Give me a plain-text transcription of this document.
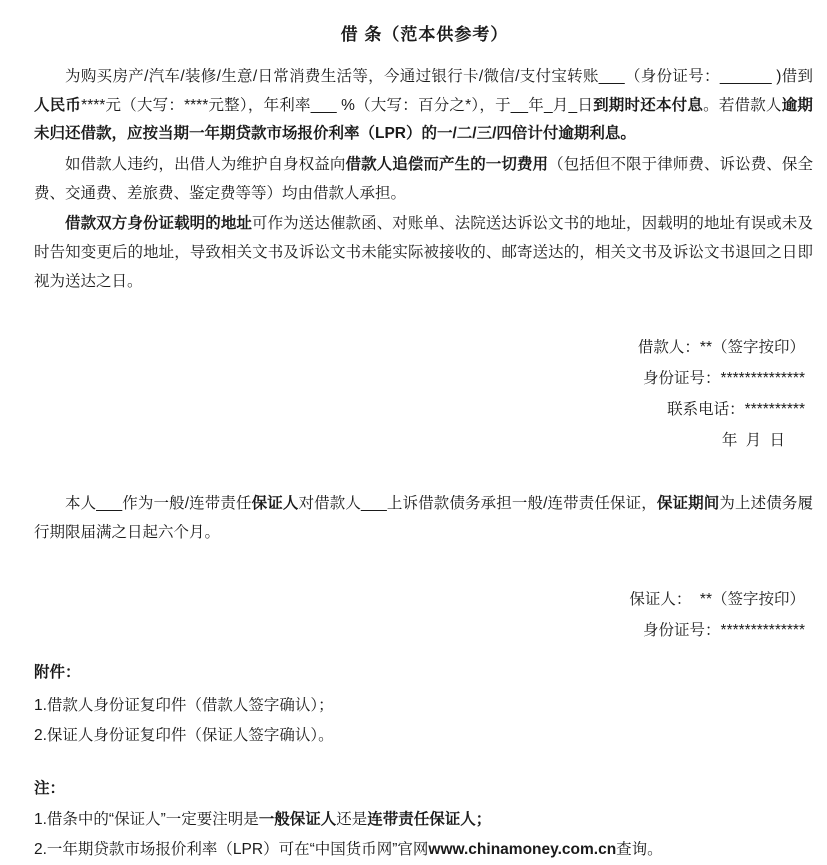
借 条（范本供参考）

为购买房产/汽车/装修/生意/日常消费生活等，今通过银行卡/微信/支付宝转账___（身份证号：______ )借到人民币****元（大写：****元整），年利率___ %（大写：百分之*），于__年_月_日到期时还本付息。若借款人逾期未归还借款，应按当期一年期贷款市场报价利率（LPR）的一/二/三/四倍计付逾期利息。

如借款人违约，出借人为维护自身权益向借款人追偿而产生的一切费用（包括但不限于律师费、诉讼费、保全费、交通费、差旅费、鉴定费等等）均由借款人承担。

借款双方身份证载明的地址可作为送达催款函、对账单、法院送达诉讼文书的地址，因载明的地址有误或未及时告知变更后的地址，导致相关文书及诉讼文书未能实际被接收的、邮寄送达的，相关文书及诉讼文书退回之日即视为送达之日。

借款人：**（签字按印）
身份证号：**************
联系电话：**********
年 月 日

本人___作为一般/连带责任保证人对借款人___上诉借款债务承担一般/连带责任保证，保证期间为上述债务履行期限届满之日起六个月。

保证人：  **（签字按印）
身份证号：**************
附件：

1.借款人身份证复印件（借款人签字确认）；

2.保证人身份证复印件（保证人签字确认）。

注：

1.借条中的“保证人”一定要注明是一般保证人还是连带责任保证人；

2.一年期贷款市场报价利率（LPR）可在“中国货币网”官网www.chinamoney.com.cn查询。
